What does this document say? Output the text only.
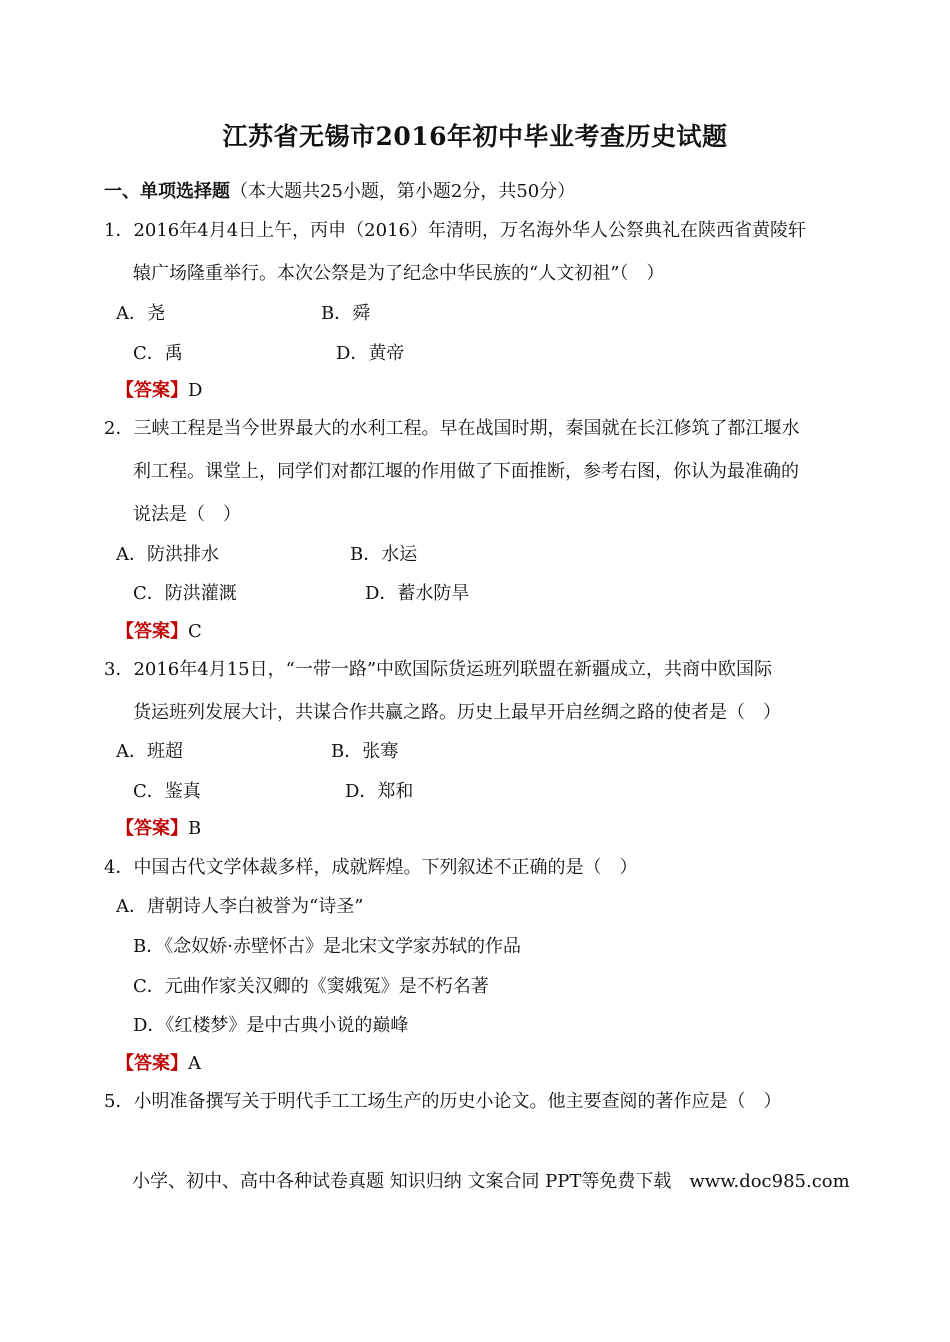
江苏省无锡市2016年初中毕业考查历史试题
一、单项选择题（本大题共25小题，第小题2分，共50分）
1．2016年4月4日上午，丙申（2016）年清明，万名海外华人公祭典礼在陕西省黄陵轩
辕广场隆重举行。本次公祭是为了纪念中华民族的“人文初祖”（　）
A．尧	B．舜
C．禹	D．黄帝
【答案】D
2．三峡工程是当今世界最大的水利工程。早在战国时期，秦国就在长江修筑了都江堰水
利工程。课堂上，同学们对都江堰的作用做了下面推断，参考右图，你认为最准确的
说法是（　）
A．防洪排水	B．水运
C．防洪灌溉	D．蓄水防旱
【答案】C
3．2016年4月15日，“一带一路”中欧国际货运班列联盟在新疆成立，共商中欧国际
货运班列发展大计，共谋合作共赢之路。历史上最早开启丝绸之路的使者是（　）
A．班超	B．张骞
C．鉴真	D．郑和
【答案】B
4．中国古代文学体裁多样，成就辉煌。下列叙述不正确的是（　）
A．唐朝诗人李白被誉为“诗圣”
B．《念奴娇·赤壁怀古》是北宋文学家苏轼的作品
C．元曲作家关汉卿的《窦娥冤》是不朽名著
D．《红楼梦》是中古典小说的巅峰
【答案】A
5．小明准备撰写关于明代手工工场生产的历史小论文。他主要查阅的著作应是（　）
小学、初中、高中各种试卷真题 知识归纳 文案合同 PPT等免费下载　www.doc985.com
